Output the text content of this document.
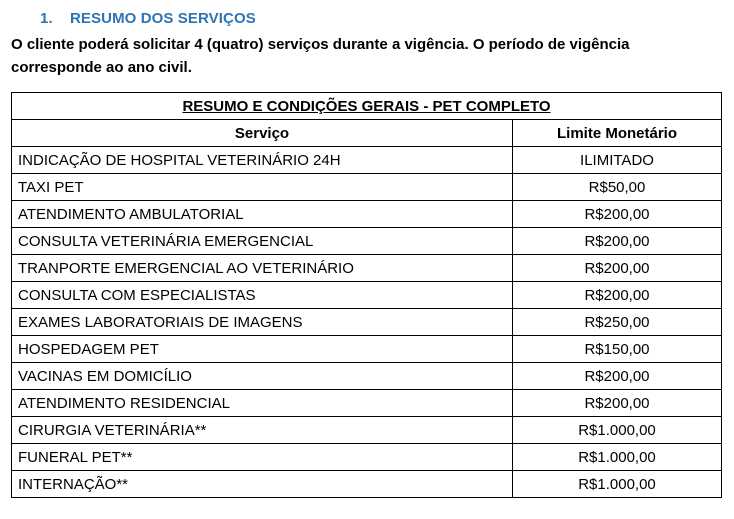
1. RESUMO DOS SERVIÇOS
O cliente poderá solicitar 4 (quatro) serviços durante a vigência. O período de vigência
corresponde ao ano civil.
RESUMO E CONDIÇÕES GERAIS - PET COMPLETO	
Serviço	Limite Monetário
INDICAÇÃO DE HOSPITAL VETERINÁRIO 24H	ILIMITADO
TAXI PET	R$50,00
ATENDIMENTO AMBULATORIAL	R$200,00
CONSULTA VETERINÁRIA EMERGENCIAL	R$200,00
TRANPORTE EMERGENCIAL AO VETERINÁRIO	R$200,00
CONSULTA COM ESPECIALISTAS	R$200,00
EXAMES LABORATORIAIS DE IMAGENS	R$250,00
HOSPEDAGEM PET	R$150,00
VACINAS EM DOMICÍLIO	R$200,00
ATENDIMENTO RESIDENCIAL	R$200,00
CIRURGIA VETERINÁRIA**	R$1.000,00
FUNERAL PET**	R$1.000,00
INTERNAÇÃO**	R$1.000,00
